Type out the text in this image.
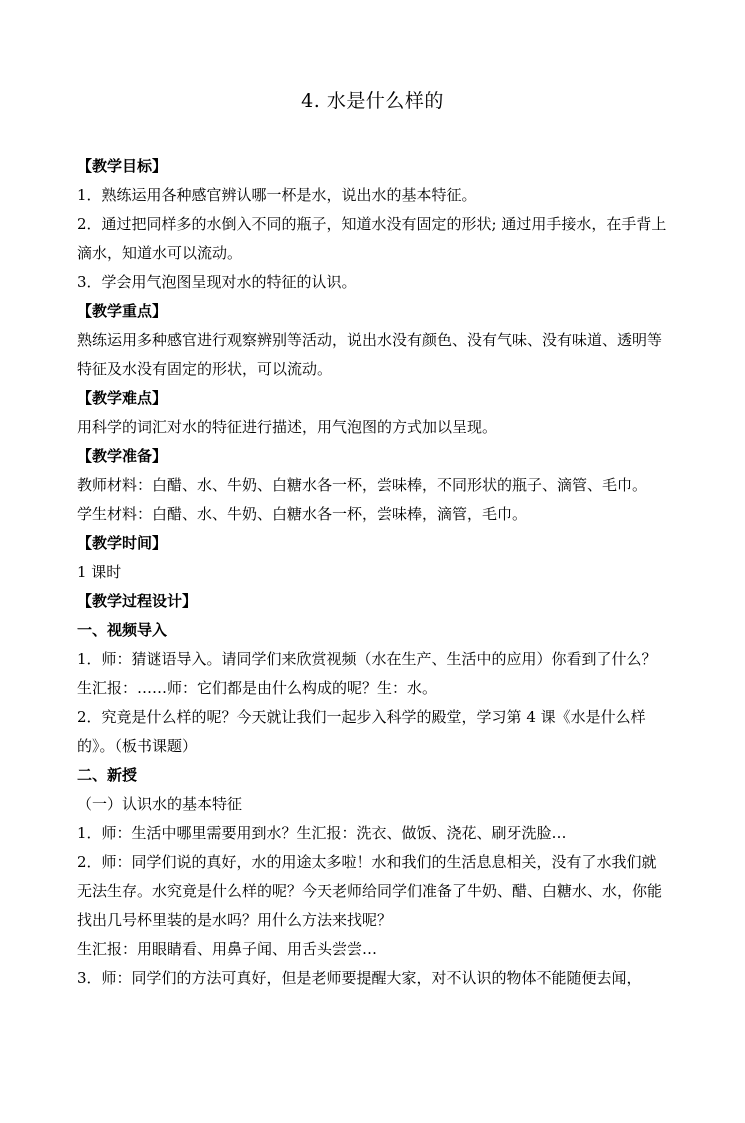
4. 水是什么样的

【教学目标】

1．熟练运用各种感官辨认哪一杯是水，说出水的基本特征。

2．通过把同样多的水倒入不同的瓶子，知道水没有固定的形状; 通过用手接水，在手背上滴水，知道水可以流动。

3．学会用气泡图呈现对水的特征的认识。

【教学重点】

熟练运用多种感官进行观察辨别等活动，说出水没有颜色、没有气味、没有味道、透明等特征及水没有固定的形状，可以流动。

【教学难点】

用科学的词汇对水的特征进行描述，用气泡图的方式加以呈现。

【教学准备】

教师材料：白醋、水、牛奶、白糖水各一杯，尝味棒，不同形状的瓶子、滴管、毛巾。

学生材料：白醋、水、牛奶、白糖水各一杯，尝味棒，滴管，毛巾。

【教学时间】

1 课时

【教学过程设计】

一、视频导入

1．师：猜谜语导入。请同学们来欣赏视频（水在生产、生活中的应用）你看到了什么？

生汇报：……师：它们都是由什么构成的呢？生：水。

2．究竟是什么样的呢？今天就让我们一起步入科学的殿堂，学习第 4 课《水是什么样的》。（板书课题）

二、新授

（一）认识水的基本特征

1．师：生活中哪里需要用到水？生汇报：洗衣、做饭、浇花、刷牙洗脸…

2．师：同学们说的真好，水的用途太多啦！水和我们的生活息息相关，没有了水我们就无法生存。水究竟是什么样的呢？今天老师给同学们准备了牛奶、醋、白糖水、水，你能找出几号杯里装的是水吗？用什么方法来找呢？

生汇报：用眼睛看、用鼻子闻、用舌头尝尝…

3．师：同学们的方法可真好，但是老师要提醒大家，对不认识的物体不能随便去闻，
